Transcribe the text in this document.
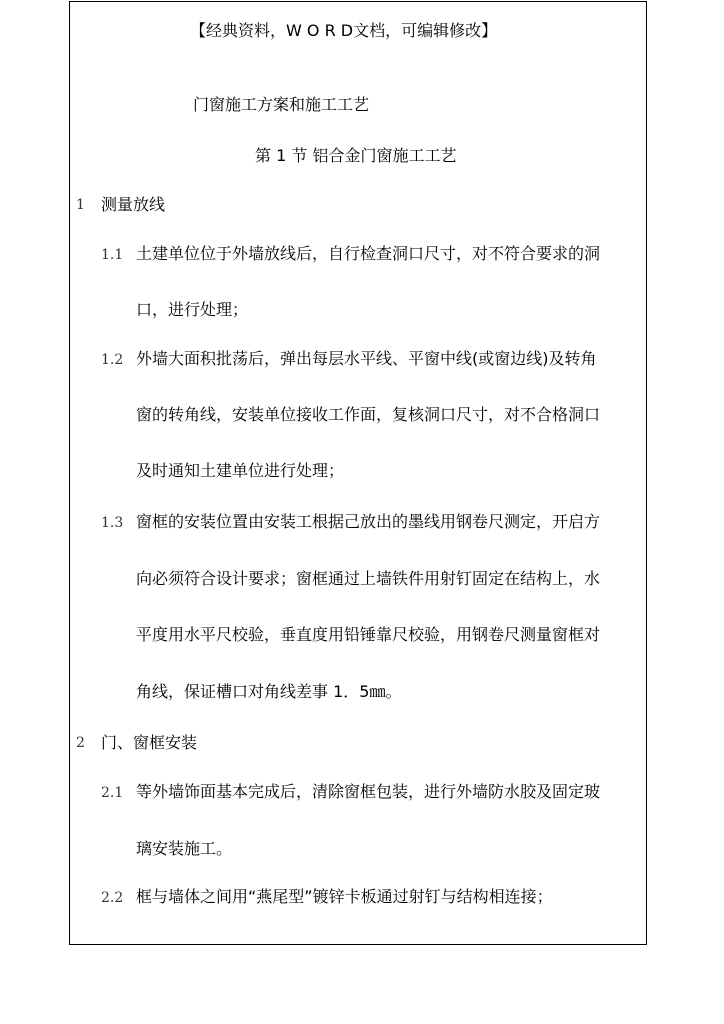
【经典资料，W O R D文档，可编辑修改】
门窗施工方案和施工工艺
第 1 节 铝合金门窗施工工艺
1 测量放线
1.1 土建单位位于外墙放线后，自行检查洞口尺寸，对不符合要求的洞
口，进行处理；
1.2 外墙大面积批荡后，弹出每层水平线、平窗中线(或窗边线)及转角
窗的转角线，安装单位接收工作面，复核洞口尺寸，对不合格洞口
及时通知土建单位进行处理；
1.3 窗框的安装位置由安装工根据己放出的墨线用钢卷尺测定，开启方
向必须符合设计要求；窗框通过上墙铁件用射钉固定在结构上，水
平度用水平尺校验，垂直度用铅锤靠尺校验，用钢卷尺测量窗框对
角线，保证槽口对角线差事 1．5㎜。
2 门、窗框安装
2.1 等外墙饰面基本完成后，清除窗框包装，进行外墙防水胶及固定玻
璃安装施工。
2.2 框与墙体之间用“燕尾型”镀锌卡板通过射钉与结构相连接；
